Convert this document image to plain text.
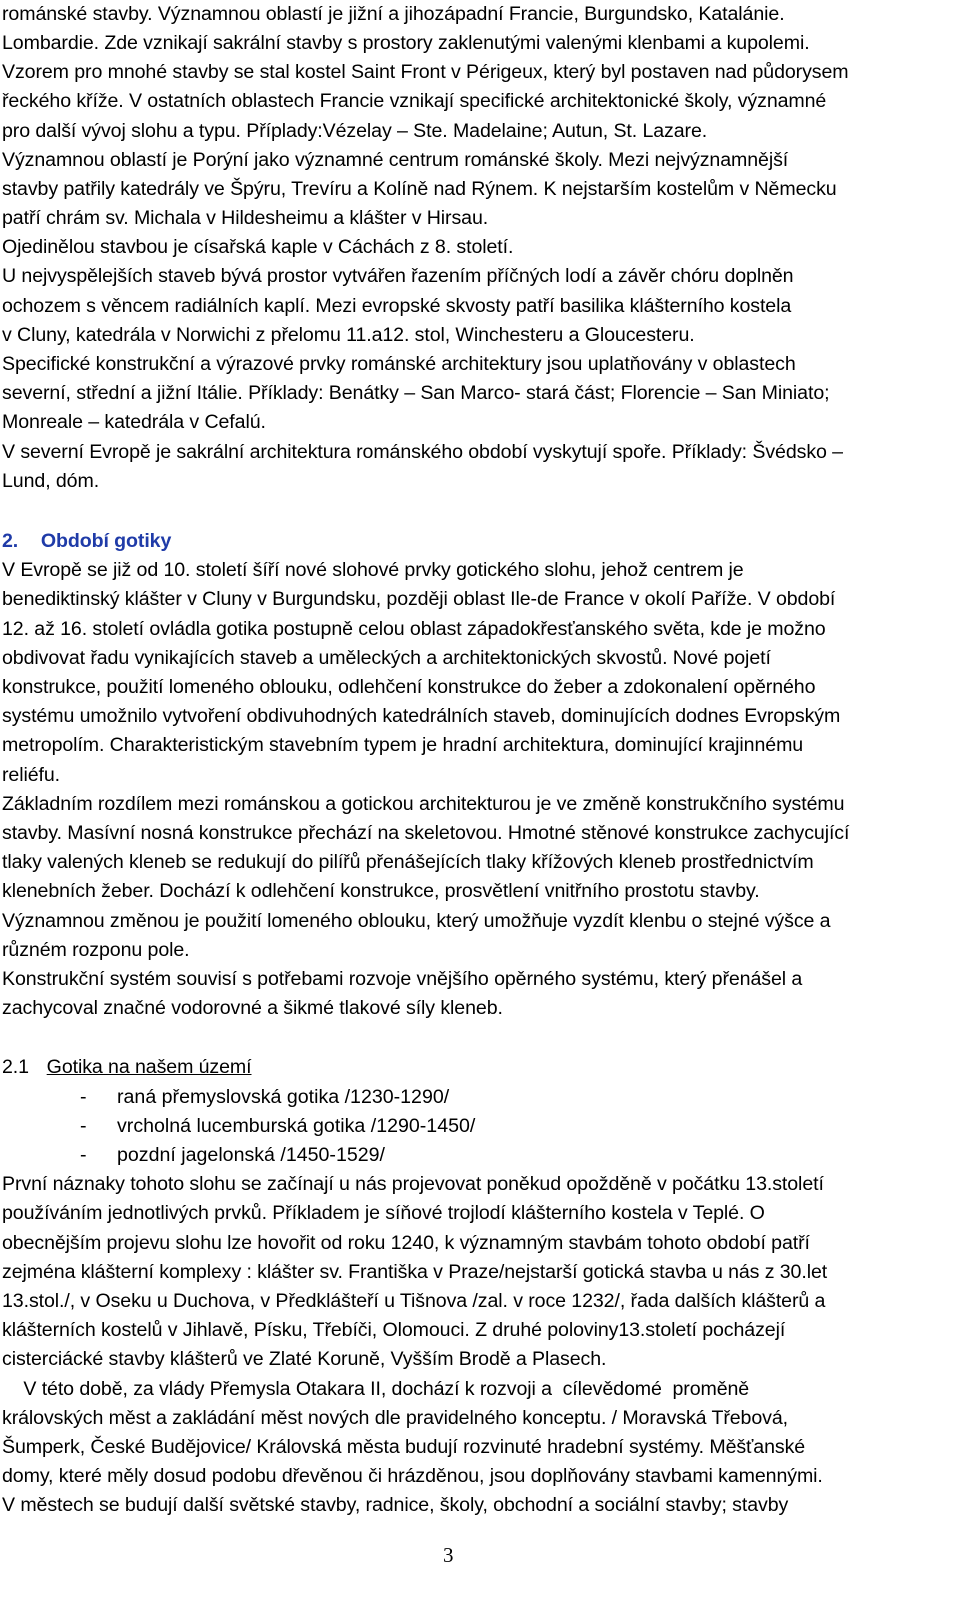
románské stavby. Významnou oblastí je jižní a jihozápadní Francie, Burgundsko, Katalánie.
Lombardie. Zde vznikají sakrální stavby s prostory zaklenutými valenými klenbami a kupolemi.
Vzorem pro mnohé stavby se stal kostel Saint Front v Périgeux, který byl postaven nad půdorysem
řeckého kříže. V ostatních oblastech Francie vznikají specifické architektonické školy, významné
pro další vývoj slohu a typu. Příplady:Vézelay – Ste. Madelaine; Autun, St. Lazare.
Významnou oblastí je Porýní jako významné centrum románské školy. Mezi nejvýznamnější
stavby patřily katedrály ve Špýru, Trevíru a Kolíně nad Rýnem. K nejstarším kostelům v Německu
patří chrám sv. Michala v Hildesheimu a klášter v Hirsau.
Ojedinělou stavbou je císařská kaple v Cáchách z 8. století.
U nejvyspělejších staveb bývá prostor vytvářen řazením příčných lodí a závěr chóru doplněn
ochozem s věncem radiálních kaplí. Mezi evropské skvosty patří basilika klášterního kostela
v Cluny, katedrála v Norwichi z přelomu 11.a12. stol, Winchesteru a Gloucesteru.
Specifické konstrukční a výrazové prvky románské architektury jsou uplatňovány v oblastech
severní, střední a jižní Itálie. Příklady: Benátky – San Marco- stará část; Florencie – San Miniato;
Monreale – katedrála v Cefalú.
V severní Evropě je sakrální architektura románského období vyskytují spoře. Příklady: Švédsko –
Lund, dóm.
2. Období gotiky
V Evropě se již od 10. století šíří nové slohové prvky gotického slohu, jehož centrem je
benediktinský klášter v Cluny v Burgundsku, později oblast Ile-de France v okolí Paříže. V období
12. až 16. století ovládla gotika postupně celou oblast západokřesťanského světa, kde je možno
obdivovat řadu vynikajících staveb a uměleckých a architektonických skvostů. Nové pojetí
konstrukce, použití lomeného oblouku, odlehčení konstrukce do žeber a zdokonalení opěrného
systému umožnilo vytvoření obdivuhodných katedrálních staveb, dominujících dodnes Evropským
metropolím. Charakteristickým stavebním typem je hradní architektura, dominující krajinnému
reliéfu.
Základním rozdílem mezi románskou a gotickou architekturou je ve změně konstrukčního systému
stavby. Masívní nosná konstrukce přechází na skeletovou. Hmotné stěnové konstrukce zachycující
tlaky valených kleneb se redukují do pilířů přenášejících tlaky křížových kleneb prostřednictvím
klenebních žeber. Dochází k odlehčení konstrukce, prosvětlení vnitřního prostotu stavby.
Významnou změnou je použití lomeného oblouku, který umožňuje vyzdít klenbu o stejné výšce a
různém rozponu pole.
Konstrukční systém souvisí s potřebami rozvoje vnějšího opěrného systému, který přenášel a
zachycoval značné vodorovné a šikmé tlakové síly kleneb.
2.1 Gotika na našem území
- raná přemyslovská gotika /1230-1290/
- vrcholná lucemburská gotika /1290-1450/
- pozdní jagelonská /1450-1529/
První náznaky tohoto slohu se začínají u nás projevovat poněkud opožděně v počátku 13.století
používáním jednotlivých prvků. Příkladem je síňové trojlodí klášterního kostela v Teplé. O
obecnějším projevu slohu lze hovořit od roku 1240, k významným stavbám tohoto období patří
zejména klášterní komplexy : klášter sv. Františka v Praze/nejstarší gotická stavba u nás z 30.let
13.stol./, v Oseku u Duchova, v Předklášteří u Tišnova /zal. v roce 1232/, řada dalších klášterů a
klášterních kostelů v Jihlavě, Písku, Třebíči, Olomouci. Z druhé poloviny13.století pocházejí
cisterciácké stavby klášterů ve Zlaté Koruně, Vyšším Brodě a Plasech.
V této době, za vlády Přemysla Otakara II, dochází k rozvoji a  cílevědomé  proměně
královských měst a zakládání měst nových dle pravidelného konceptu. / Moravská Třebová,
Šumperk, České Budějovice/ Královská města budují rozvinuté hradební systémy. Měšťanské
domy, které měly dosud podobu dřevěnou či hrázděnou, jsou doplňovány stavbami kamennými.
V městech se budují další světské stavby, radnice, školy, obchodní a sociální stavby; stavby
3
